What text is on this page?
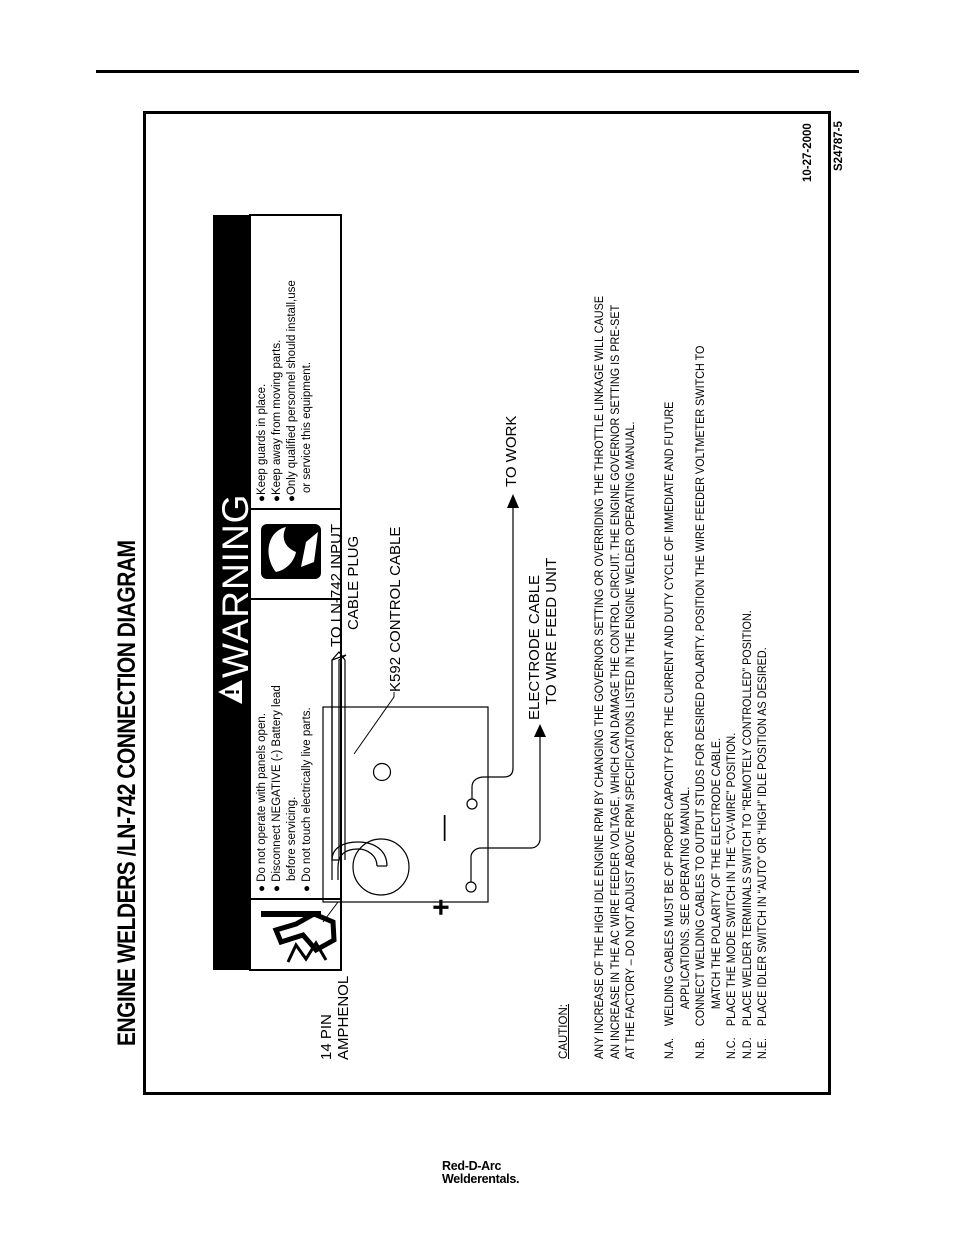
ENGINE WELDERS /LN-742 CONNECTION DIAGRAM WARNING
● Do not operate with panels open.
● Disconnect NEGATIVE (-) Battery lead before servicing.
● Do not touch electrically live parts.
●Keep guards in place.
●Keep away from moving parts.
●Only qualified personnel should install,use or service this equipment.
14 PIN AMPHENOL
TO LN-742 INPUT CABLE PLUG K592 CONTROL CABLE
TO WORK
ELECTRODE CABLE TO WIRE FEED UNIT
+
—
CAUTION: ANY INCREASE OF THE HIGH IDLE ENGINE RPM BY CHANGING THE GOVERNOR SETTING OR OVERRIDING THE THROTTLE LINKAGE WILL CAUSE AN INCREASE IN THE AC WIRE FEEDER VOLTAGE, WHICH CAN DAMAGE THE CONTROL CIRCUIT. THE ENGINE GOVERNOR SETTING IS PRE-SET AT THE FACTORY – DO NOT ADJUST ABOVE RPM SPECIFICATIONS LISTED IN THE ENGINE WELDER OPERATING MANUAL. N.A.
WELDING CABLES MUST BE OF PROPER CAPACITY FOR THE CURRENT AND DUTY CYCLE OF IMMEDIATE AND FUTURE APPLICATIONS. SEE OPERATING MANUAL.
N.B.
CONNECT WELDING CABLES TO OUTPUT STUDS FOR DESIRED POLARITY. POSITION THE WIRE FEEDER VOLTMETER SWITCH TO MATCH THE POLARITY OF THE ELECTRODE CABLE.
N.C.
PLACE THE MODE SWITCH IN THE “CV-WIRE” POSITION.
N.D.
PLACE WELDER TERMINALS SWITCH TO “REMOTELY CONTROLLED” POSITION.
N.E.
PLACE IDLER SWITCH IN “AUTO” OR “HIGH” IDLE POSITION AS DESIRED.
10-27-2000 S24787-5
Red-D-Arc
Welderentals.
